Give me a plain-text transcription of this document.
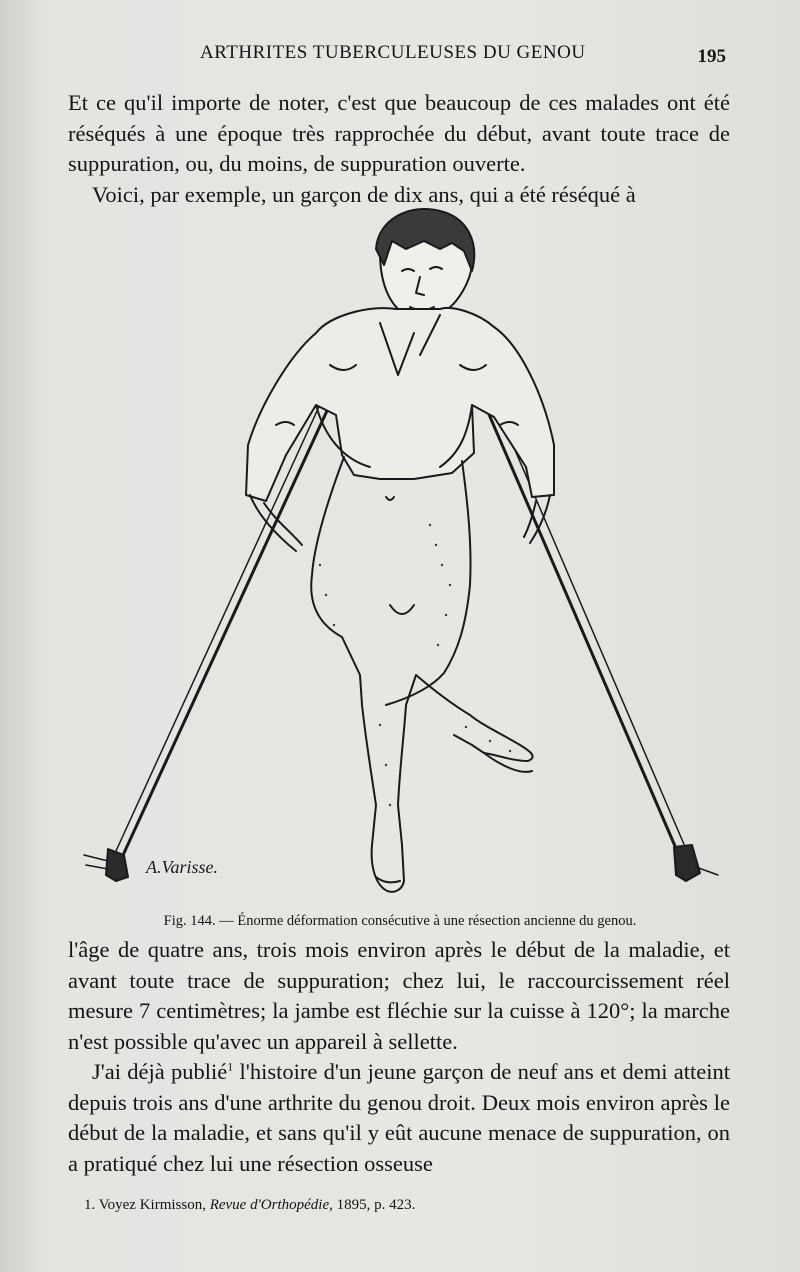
ARTHRITES TUBERCULEUSES DU GENOU	195

Et ce qu'il importe de noter, c'est que beaucoup de ces malades ont été réséqués à une époque très rapprochée du début, avant toute trace de suppuration, ou, du moins, de suppuration ouverte.

Voici, par exemple, un garçon de dix ans, qui a été réséqué à

A.Varisse.
Fig. 144. — Énorme déformation consécutive à une résection ancienne du genou.

l'âge de quatre ans, trois mois environ après le début de la maladie, et avant toute trace de suppuration; chez lui, le raccourcissement réel mesure 7 centimètres; la jambe est fléchie sur la cuisse à 120°; la marche n'est possible qu'avec un appareil à sellette.

J'ai déjà publié$^1$ l'histoire d'un jeune garçon de neuf ans et demi atteint depuis trois ans d'une arthrite du genou droit. Deux mois environ après le début de la maladie, et sans qu'il y eût aucune menace de suppuration, on a pratiqué chez lui une résection osseuse

1. Voyez Kirmisson, Revue d'Orthopédie, 1895, p. 423.
